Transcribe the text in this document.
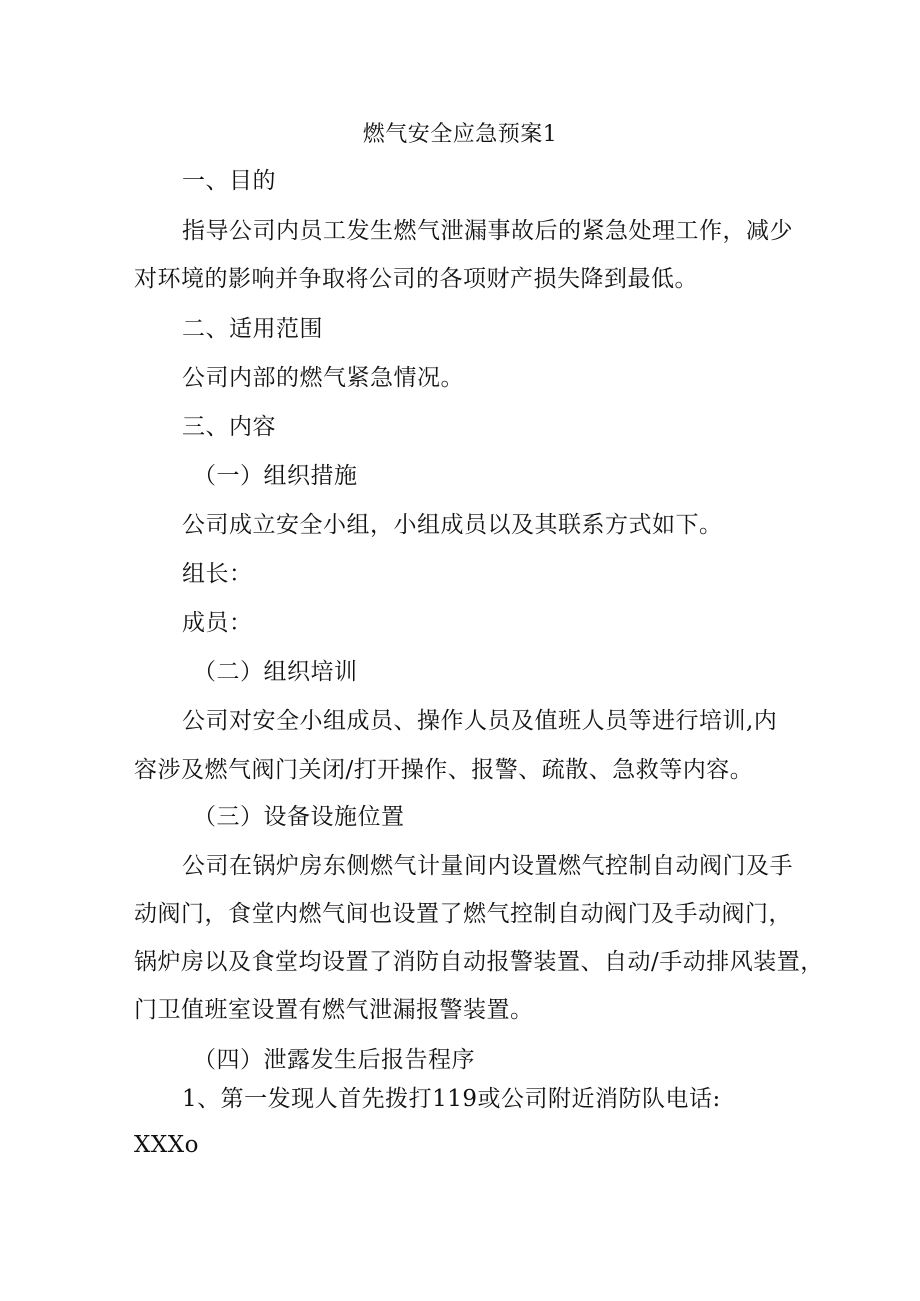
燃气安全应急预案1
一、目的
指导公司内员工发生燃气泄漏事故后的紧急处理工作，减少
对环境的影响并争取将公司的各项财产损失降到最低。
二、适用范围
公司内部的燃气紧急情况。
三、内容
（一）组织措施
公司成立安全小组，小组成员以及其联系方式如下。
组长：
成员：
（二）组织培训
公司对安全小组成员、操作人员及值班人员等进行培训,内
容涉及燃气阀门关闭/打开操作、报警、疏散、急救等内容。
（三）设备设施位置
公司在锅炉房东侧燃气计量间内设置燃气控制自动阀门及手
动阀门，食堂内燃气间也设置了燃气控制自动阀门及手动阀门，
锅炉房以及食堂均设置了消防自动报警装置、自动/手动排风装置，
门卫值班室设置有燃气泄漏报警装置。
（四）泄露发生后报告程序
1、第一发现人首先拨打119或公司附近消防队电话:
XXXo
